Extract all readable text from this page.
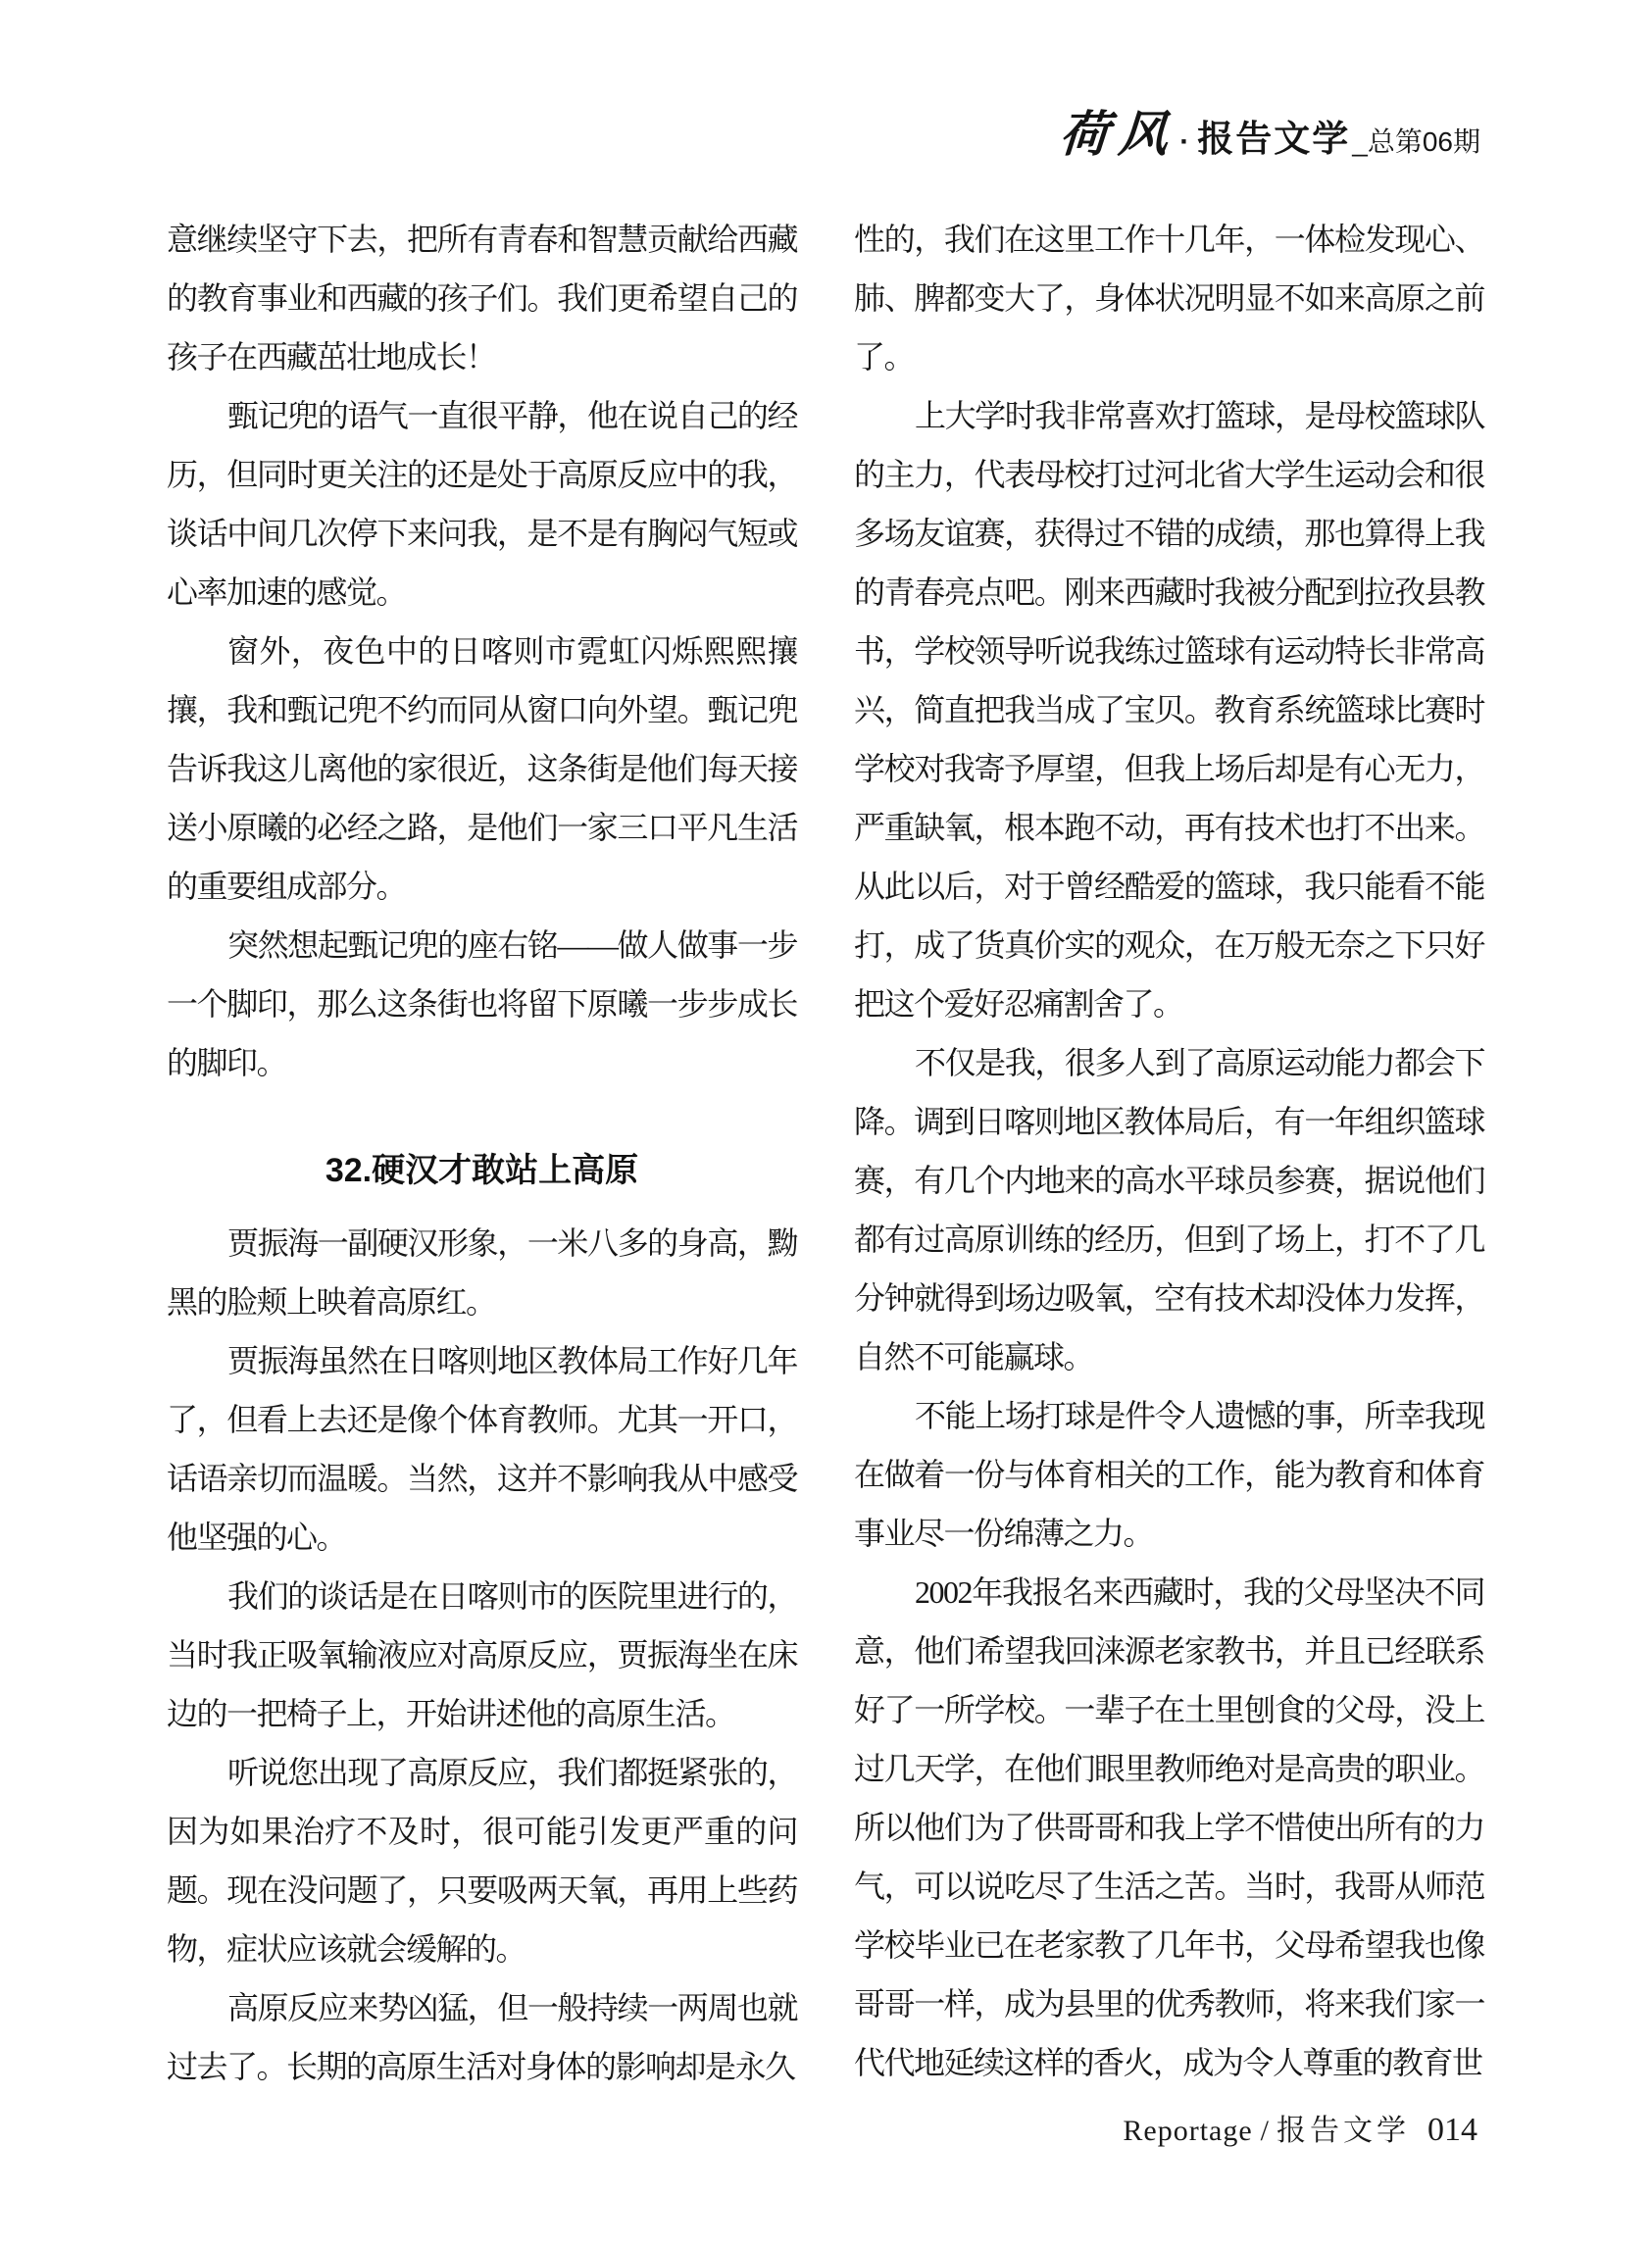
荷风 · 报告文学 _总第06期

意继续坚守下去，把所有青春和智慧贡献给西藏的教育事业和西藏的孩子们。我们更希望自己的孩子在西藏茁壮地成长！

甄记兜的语气一直很平静，他在说自己的经历，但同时更关注的还是处于高原反应中的我，谈话中间几次停下来问我，是不是有胸闷气短或心率加速的感觉。

窗外，夜色中的日喀则市霓虹闪烁熙熙攘攘，我和甄记兜不约而同从窗口向外望。甄记兜告诉我这儿离他的家很近，这条街是他们每天接送小原曦的必经之路，是他们一家三口平凡生活的重要组成部分。

突然想起甄记兜的座右铭——做人做事一步一个脚印，那么这条街也将留下原曦一步步成长的脚印。

32.硬汉才敢站上高原

贾振海一副硬汉形象，一米八多的身高，黝黑的脸颊上映着高原红。

贾振海虽然在日喀则地区教体局工作好几年了，但看上去还是像个体育教师。尤其一开口，话语亲切而温暖。当然，这并不影响我从中感受他坚强的心。

我们的谈话是在日喀则市的医院里进行的，当时我正吸氧输液应对高原反应，贾振海坐在床边的一把椅子上，开始讲述他的高原生活。

听说您出现了高原反应，我们都挺紧张的，因为如果治疗不及时，很可能引发更严重的问题。现在没问题了，只要吸两天氧，再用上些药物，症状应该就会缓解的。

高原反应来势凶猛，但一般持续一两周也就过去了。长期的高原生活对身体的影响却是永久

性的，我们在这里工作十几年，一体检发现心、肺、脾都变大了，身体状况明显不如来高原之前了。

上大学时我非常喜欢打篮球，是母校篮球队的主力，代表母校打过河北省大学生运动会和很多场友谊赛，获得过不错的成绩，那也算得上我的青春亮点吧。刚来西藏时我被分配到拉孜县教书，学校领导听说我练过篮球有运动特长非常高兴，简直把我当成了宝贝。教育系统篮球比赛时学校对我寄予厚望，但我上场后却是有心无力，严重缺氧，根本跑不动，再有技术也打不出来。从此以后，对于曾经酷爱的篮球，我只能看不能打，成了货真价实的观众，在万般无奈之下只好把这个爱好忍痛割舍了。

不仅是我，很多人到了高原运动能力都会下降。调到日喀则地区教体局后，有一年组织篮球赛，有几个内地来的高水平球员参赛，据说他们都有过高原训练的经历，但到了场上，打不了几分钟就得到场边吸氧，空有技术却没体力发挥，自然不可能赢球。

不能上场打球是件令人遗憾的事，所幸我现在做着一份与体育相关的工作，能为教育和体育事业尽一份绵薄之力。

2002年我报名来西藏时，我的父母坚决不同意，他们希望我回涞源老家教书，并且已经联系好了一所学校。一辈子在土里刨食的父母，没上过几天学，在他们眼里教师绝对是高贵的职业。所以他们为了供哥哥和我上学不惜使出所有的力气，可以说吃尽了生活之苦。当时，我哥从师范学校毕业已在老家教了几年书，父母希望我也像哥哥一样，成为县里的优秀教师，将来我们家一代代地延续这样的香火，成为令人尊重的教育世

Reportage / 报告文学 014
